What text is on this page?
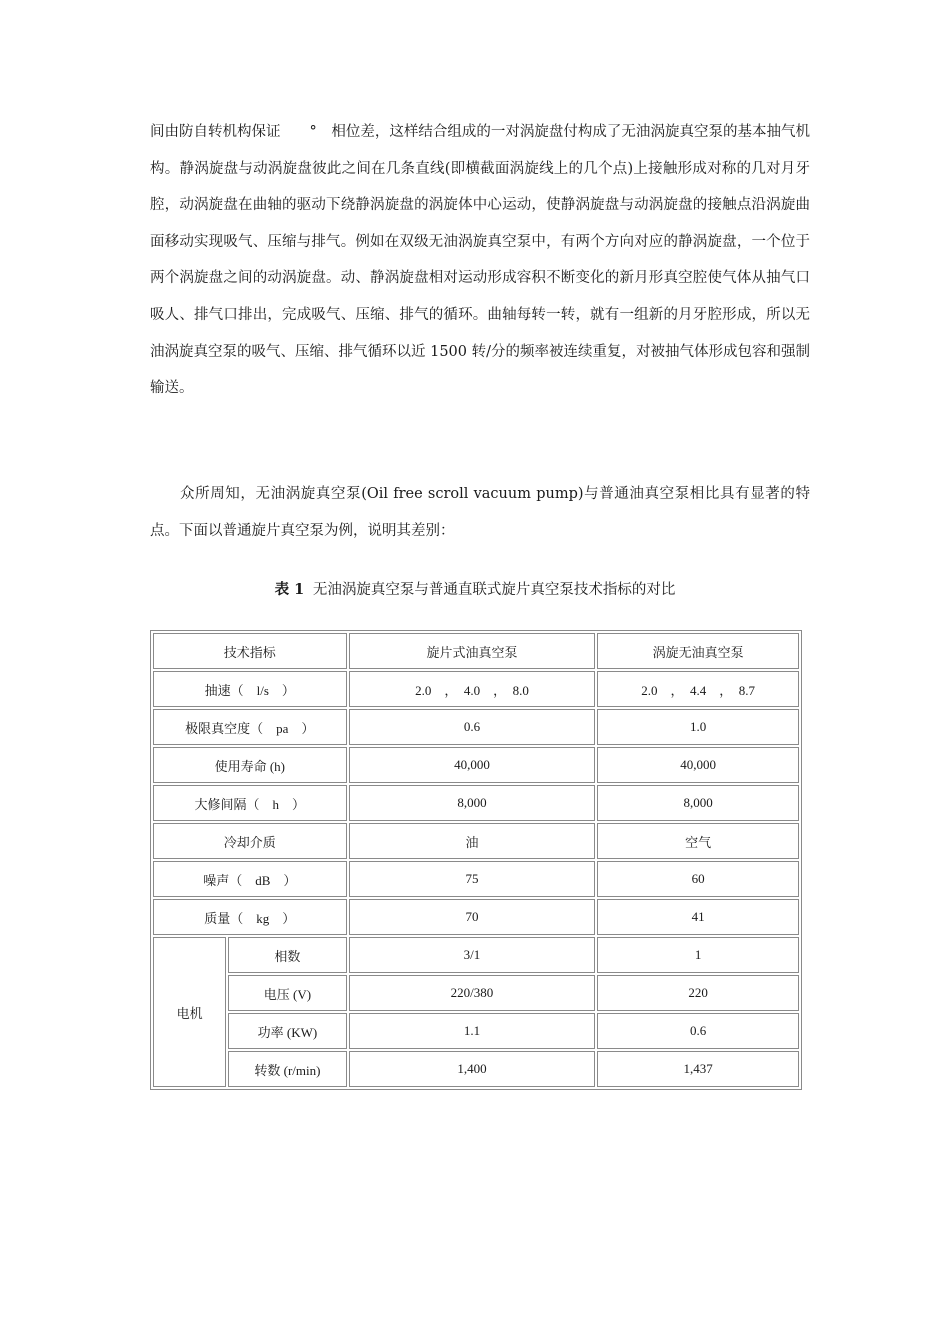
间由防自转机构保证　　°　相位差，这样结合组成的一对涡旋盘付构成了无油涡旋真空泵的基本抽气机构。静涡旋盘与动涡旋盘彼此之间在几条直线(即横截面涡旋线上的几个点)上接触形成对称的几对月牙腔，动涡旋盘在曲轴的驱动下绕静涡旋盘的涡旋体中心运动，使静涡旋盘与动涡旋盘的接触点沿涡旋曲面移动实现吸气、压缩与排气。例如在双级无油涡旋真空泵中，有两个方向对应的静涡旋盘，一个位于两个涡旋盘之间的动涡旋盘。动、静涡旋盘相对运动形成容积不断变化的新月形真空腔使气体从抽气口吸人、排气口排出，完成吸气、压缩、排气的循环。曲轴每转一转，就有一组新的月牙腔形成，所以无油涡旋真空泵的吸气、压缩、排气循环以近 1500 转/分的频率被连续重复，对被抽气体形成包容和强制输送。

众所周知，无油涡旋真空泵(Oil free scroll vacuum pump)与普通油真空泵相比具有显著的特点。下面以普通旋片真空泵为例，说明其差别：

表 1 无油涡旋真空泵与普通直联式旋片真空泵技术指标的对比
技术指标		旋片式油真空泵	涡旋无油真空泵
抽速（　l/s　）		2.0　，　4.0　，　8.0	2.0　，　4.4　，　8.7
极限真空度（　pa　）		0.6	1.0
使用寿命 (h)		40,000	40,000
大修间隔（　h　）		8,000	8,000
冷却介质		油	空气
噪声（　dB　）		75	60
质量（　kg　）		70	41
电机	相数	3/1	1
	电压 (V)	220/380	220
	功率 (KW)	1.1	0.6
	转数 (r/min)	1,400	1,437
